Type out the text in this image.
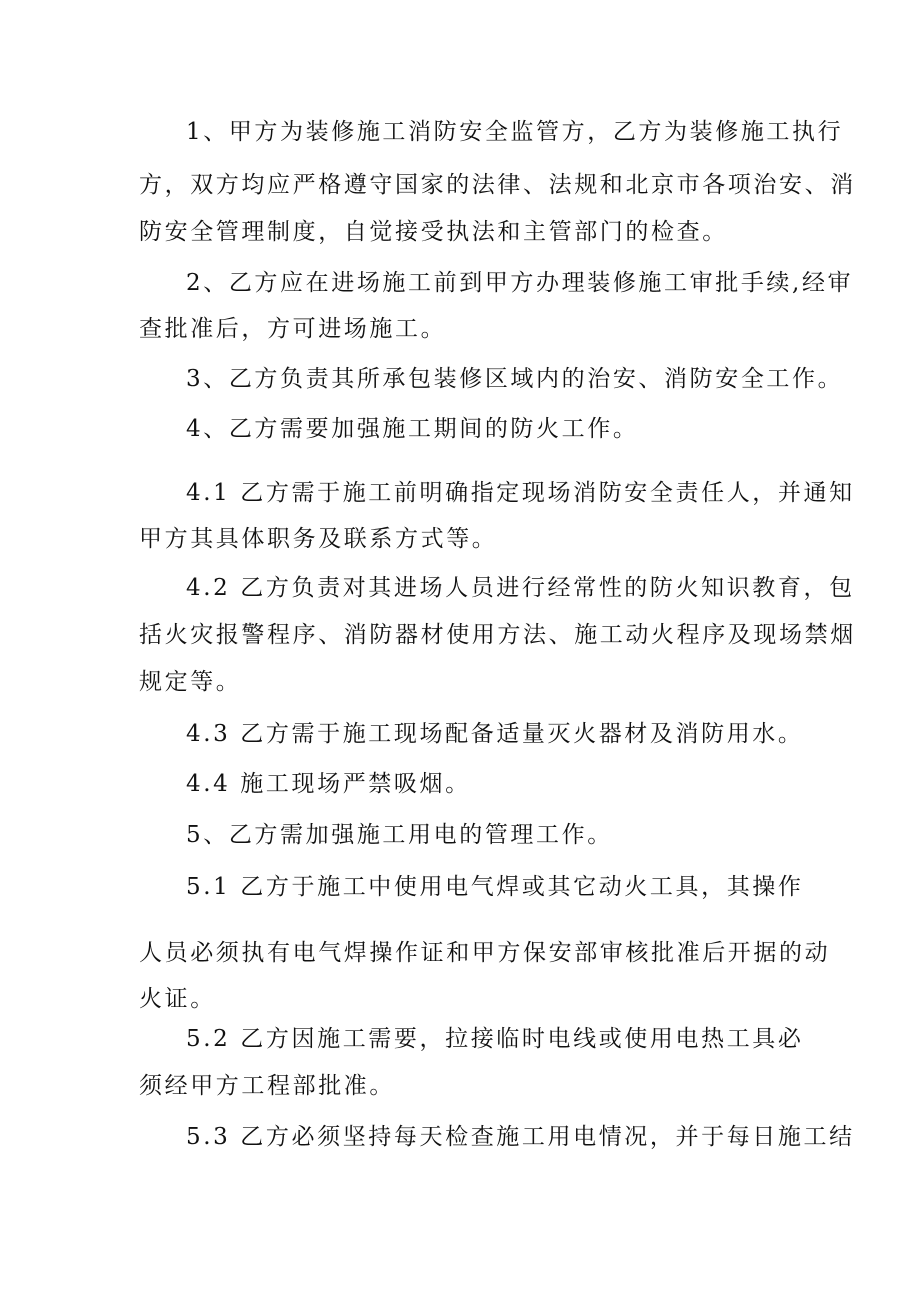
1、甲方为装修施工消防安全监管方，乙方为装修施工执行
方，双方均应严格遵守国家的法律、法规和北京市各项治安、消
防安全管理制度，自觉接受执法和主管部门的检查。
2、乙方应在进场施工前到甲方办理装修施工审批手续,经审
查批准后，方可进场施工。
3、乙方负责其所承包装修区域内的治安、消防安全工作。
4、乙方需要加强施工期间的防火工作。
4.1 乙方需于施工前明确指定现场消防安全责任人，并通知
甲方其具体职务及联系方式等。
4.2 乙方负责对其进场人员进行经常性的防火知识教育，包
括火灾报警程序、消防器材使用方法、施工动火程序及现场禁烟
规定等。
4.3 乙方需于施工现场配备适量灭火器材及消防用水。
4.4 施工现场严禁吸烟。
5、乙方需加强施工用电的管理工作。
5.1 乙方于施工中使用电气焊或其它动火工具，其操作
人员必须执有电气焊操作证和甲方保安部审核批准后开据的动
火证。
5.2 乙方因施工需要，拉接临时电线或使用电热工具必
须经甲方工程部批准。
5.3 乙方必须坚持每天检查施工用电情况，并于每日施工结
